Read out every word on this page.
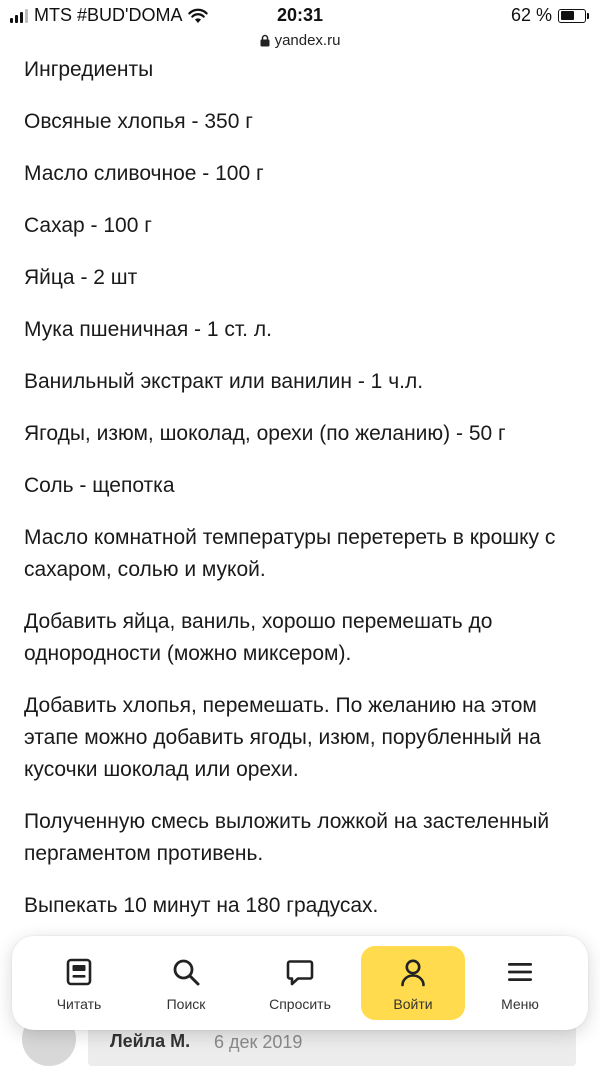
MTS #BUD'DOMA	20:31	62 %
yandex.ru

Ингредиенты

Овсяные хлопья - 350 г

Масло сливочное - 100 г

Сахар - 100 г

Яйца - 2 шт

Мука пшеничная - 1 ст. л.

Ванильный экстракт или ванилин - 1 ч.л.

Ягоды, изюм, шоколад, орехи (по желанию) - 50 г

Соль - щепотка

Масло комнатной температуры перетереть в крошку с сахаром, солью и мукой.

Добавить яйца, ваниль, хорошо перемешать до однородности (можно миксером).

Добавить хлопья, перемешать. По желанию на этом этапе можно добавить ягоды, изюм, порубленный на кусочки шоколад или орехи.

Полученную смесь выложить ложкой на застеленный пергаментом противень.

Выпекать 10 минут на 180 градусах.

Лейла М. 6 дек 2019
Читать	Поиск	Спросить	Войти	Меню
